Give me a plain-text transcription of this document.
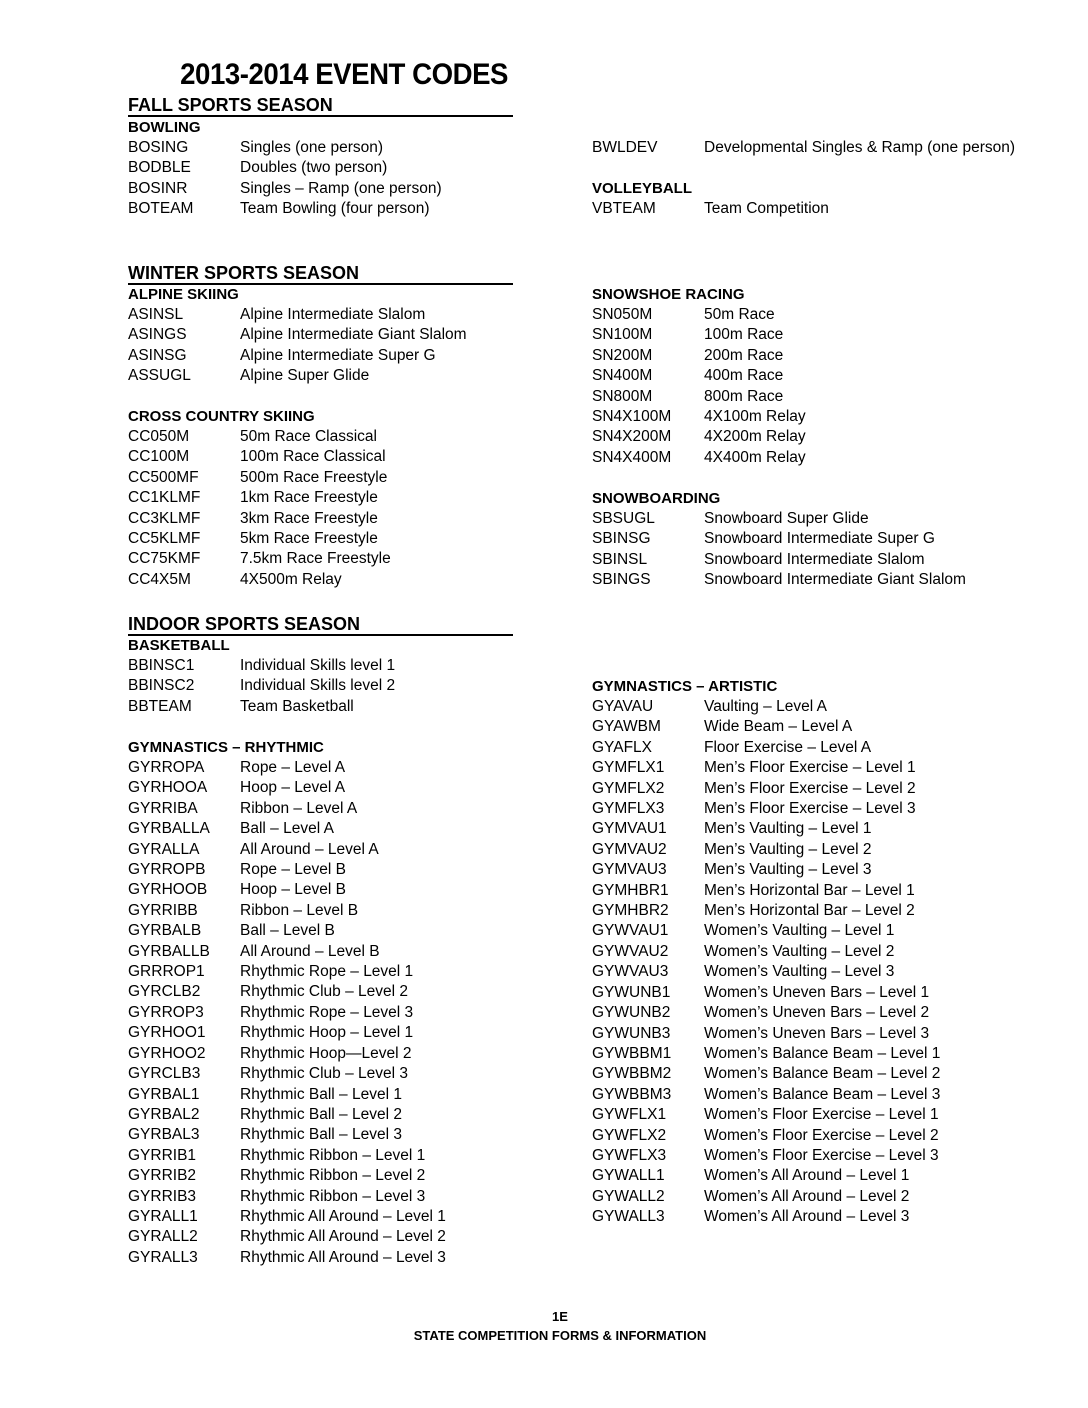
2013-2014 EVENT CODES
FALL SPORTS SEASON
BOWLING
BOSING	Singles (one person)
BODBLE	Doubles (two person)
BOSINR	Singles – Ramp (one person)
BOTEAM	Team Bowling (four person)
BWLDEV	Developmental Singles & Ramp (one person)
VOLLEYBALL
VBTEAM	Team Competition
WINTER SPORTS SEASON
ALPINE SKIING
ASINSL	Alpine Intermediate Slalom
ASINGS	Alpine Intermediate Giant Slalom
ASINSG	Alpine Intermediate Super G
ASSUGL	Alpine Super Glide
CROSS COUNTRY SKIING
CC050M	50m Race Classical
CC100M	100m Race Classical
CC500MF	500m Race Freestyle
CC1KLMF	1km Race Freestyle
CC3KLMF	3km Race Freestyle
CC5KLMF	5km Race Freestyle
CC75KMF	7.5km Race Freestyle
CC4X5M	4X500m Relay
SNOWSHOE RACING
SN050M	50m Race
SN100M	100m Race
SN200M	200m Race
SN400M	400m Race
SN800M	800m Race
SN4X100M 4X100m Relay
SN4X200M 4X200m Relay
SN4X400M 4X400m Relay
SNOWBOARDING
SBSUGL	Snowboard Super Glide
SBINSG	Snowboard Intermediate Super G
SBINSL	Snowboard Intermediate Slalom
SBINGS	Snowboard Intermediate Giant Slalom
INDOOR SPORTS SEASON
BASKETBALL
BBINSC1	Individual Skills level 1
BBINSC2	Individual Skills level 2
BBTEAM	Team Basketball
GYMNASTICS – RHYTHMIC
GYRROPA Rope – Level A
GYRHOOA Hoop – Level A
GYRRIBA	Ribbon – Level A
GYRBALLA Ball – Level A
GYRALLA	All Around – Level A
GYRROPB Rope – Level B
GYRHOOB Hoop – Level B
GYRRIBB	Ribbon – Level B
GYRBALB	Ball – Level B
GYRBALLB All Around – Level B
GRRROP1 Rhythmic Rope – Level 1
GYRCLB2	Rhythmic Club – Level 2
GYRROP3 Rhythmic Rope – Level 3
GYRHOO1 Rhythmic Hoop – Level 1
GYRHOO2 Rhythmic Hoop—Level 2
GYRCLB3	Rhythmic Club – Level 3
GYRBAL1	Rhythmic Ball – Level 1
GYRBAL2	Rhythmic Ball – Level 2
GYRBAL3	Rhythmic Ball – Level 3
GYRRIB1	Rhythmic Ribbon – Level 1
GYRRIB2	Rhythmic Ribbon – Level 2
GYRRIB3	Rhythmic Ribbon – Level 3
GYRALL1	Rhythmic All Around – Level 1
GYRALL2	Rhythmic All Around – Level 2
GYRALL3	Rhythmic All Around – Level 3
GYMNASTICS – ARTISTIC
GYAVAU	Vaulting – Level A
GYAWBM	Wide Beam – Level A
GYAFLX	Floor Exercise – Level A
GYMFLX1	Men’s Floor Exercise – Level 1
GYMFLX2	Men’s Floor Exercise – Level 2
GYMFLX3	Men’s Floor Exercise – Level 3
GYMVAU1 Men’s Vaulting – Level 1
GYMVAU2 Men’s Vaulting – Level 2
GYMVAU3 Men’s Vaulting – Level 3
GYMHBR1 Men’s Horizontal Bar – Level 1
GYMHBR2 Men’s Horizontal Bar – Level 2
GYWVAU1 Women’s Vaulting – Level 1
GYWVAU2 Women’s Vaulting – Level 2
GYWVAU3 Women’s Vaulting – Level 3
GYWUNB1 Women’s Uneven Bars – Level 1
GYWUNB2 Women’s Uneven Bars – Level 2
GYWUNB3 Women’s Uneven Bars – Level 3
GYWBBM1 Women’s Balance Beam – Level 1
GYWBBM2 Women’s Balance Beam – Level 2
GYWBBM3 Women’s Balance Beam – Level 3
GYWFLX1 Women’s Floor Exercise – Level 1
GYWFLX2 Women’s Floor Exercise – Level 2
GYWFLX3 Women’s Floor Exercise – Level 3
GYWALL1	Women’s All Around – Level 1
GYWALL2	Women’s All Around – Level 2
GYWALL3	Women’s All Around – Level 3
1E
STATE COMPETITION FORMS & INFORMATION
